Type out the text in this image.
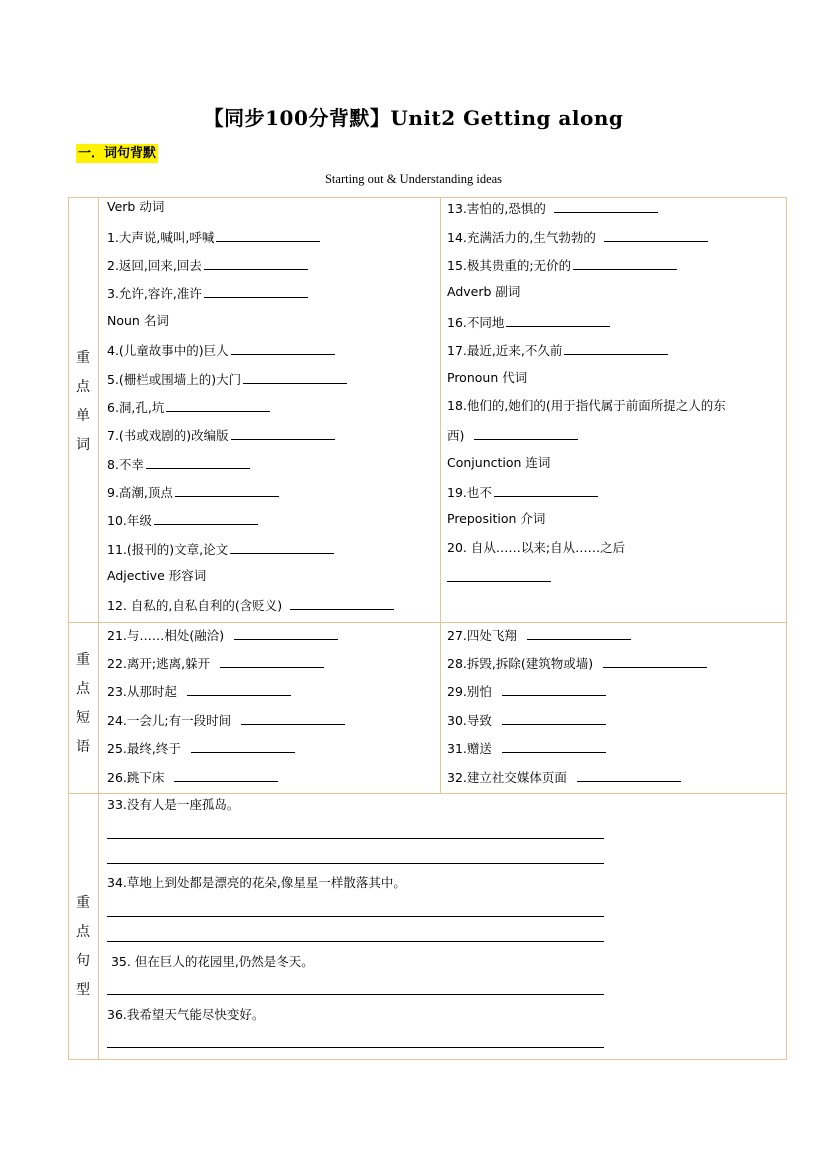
【同步100分背默】Unit2 Getting along
一．词句背默
Starting out & Understanding ideas
重
点
单
词
重
点
短
语
重
点
句
型
Verb 动词
1.大声说,喊叫,呼喊
2.返回,回来,回去
3.允许,容许,准许
Noun 名词
4.(儿童故事中的)巨人
5.(栅栏或围墙上的)大门
6.洞,孔,坑
7.(书或戏剧的)改编版
8.不幸
9.高潮,顶点
10.年级
11.(报刊的)文章,论文
Adjective 形容词
12. 自私的,自私自利的(含贬义)
13.害怕的,恐惧的
14.充满活力的,生气勃勃的
15.极其贵重的;无价的
Adverb 副词
16.不同地
17.最近,近来,不久前
Pronoun 代词
18.他们的,她们的(用于指代属于前面所提之人的东
西)
Conjunction 连词
19.也不
Preposition 介词
20. 自从……以来;自从……之后
21.与……相处(融洽)
22.离开;逃离,躲开
23.从那时起
24.一会儿;有一段时间
25.最终,终于
26.跳下床
27.四处飞翔
28.拆毁,拆除(建筑物或墙)
29.别怕
30.导致
31.赠送
32.建立社交媒体页面
33.没有人是一座孤岛。
34.草地上到处都是漂亮的花朵,像星星一样散落其中。
35. 但在巨人的花园里,仍然是冬天。
36.我希望天气能尽快变好。
